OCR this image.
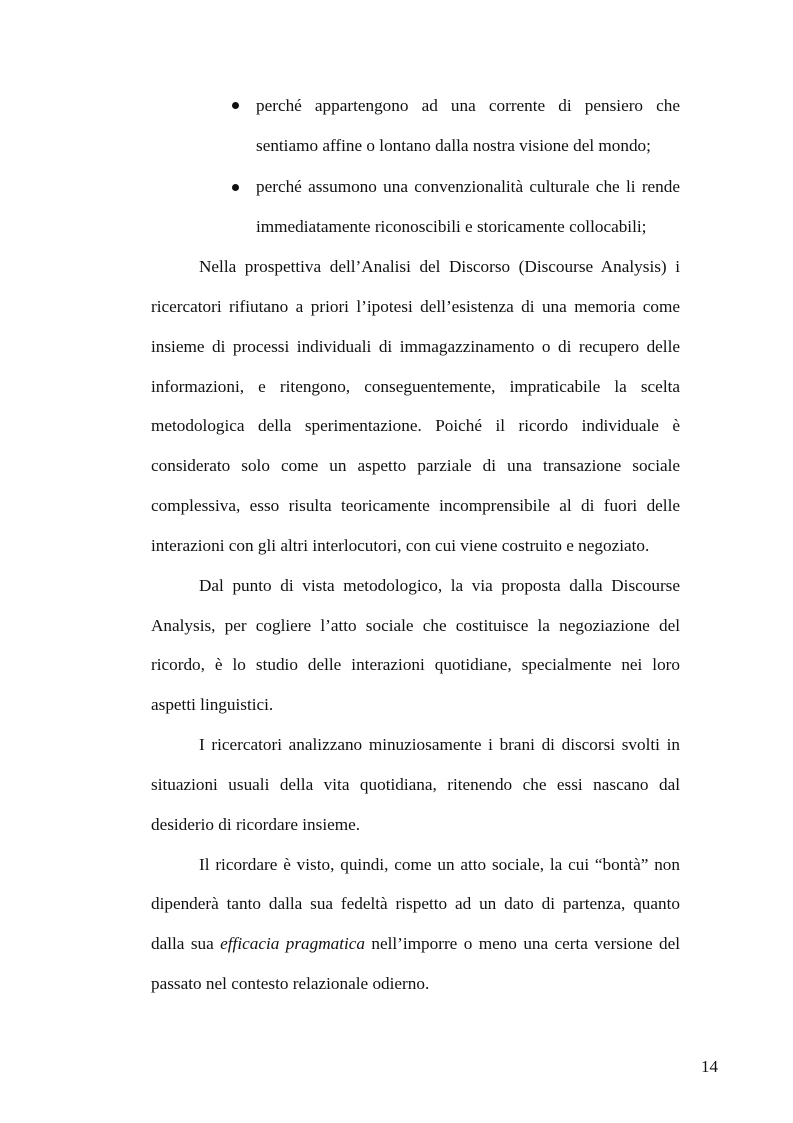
perché appartengono ad una corrente di pensiero che
sentiamo affine o lontano dalla nostra visione del mondo;
perché assumono una convenzionalità culturale che li rende
immediatamente riconoscibili e storicamente collocabili;
Nella prospettiva dell’Analisi del Discorso (Discourse Analysis) i
ricercatori rifiutano a priori l’ipotesi dell’esistenza di una memoria come
insieme di processi individuali di immagazzinamento o di recupero delle
informazioni, e ritengono, conseguentemente, impraticabile la scelta
metodologica della sperimentazione. Poiché il ricordo individuale è
considerato solo come un aspetto parziale di una transazione sociale
complessiva, esso risulta teoricamente incomprensibile al di fuori delle
interazioni con gli altri interlocutori, con cui viene costruito e negoziato.
Dal punto di vista metodologico, la via proposta dalla Discourse
Analysis, per cogliere l’atto sociale che costituisce la negoziazione del
ricordo, è lo studio delle interazioni quotidiane, specialmente nei loro
aspetti linguistici.
I ricercatori analizzano minuziosamente i brani di discorsi svolti in
situazioni usuali della vita quotidiana, ritenendo che essi nascano dal
desiderio di ricordare insieme.
Il ricordare è visto, quindi, come un atto sociale, la cui “bontà” non
dipenderà tanto dalla sua fedeltà rispetto ad un dato di partenza, quanto
dalla sua efficacia pragmatica nell’imporre o meno una certa versione del
passato nel contesto relazionale odierno.
14
